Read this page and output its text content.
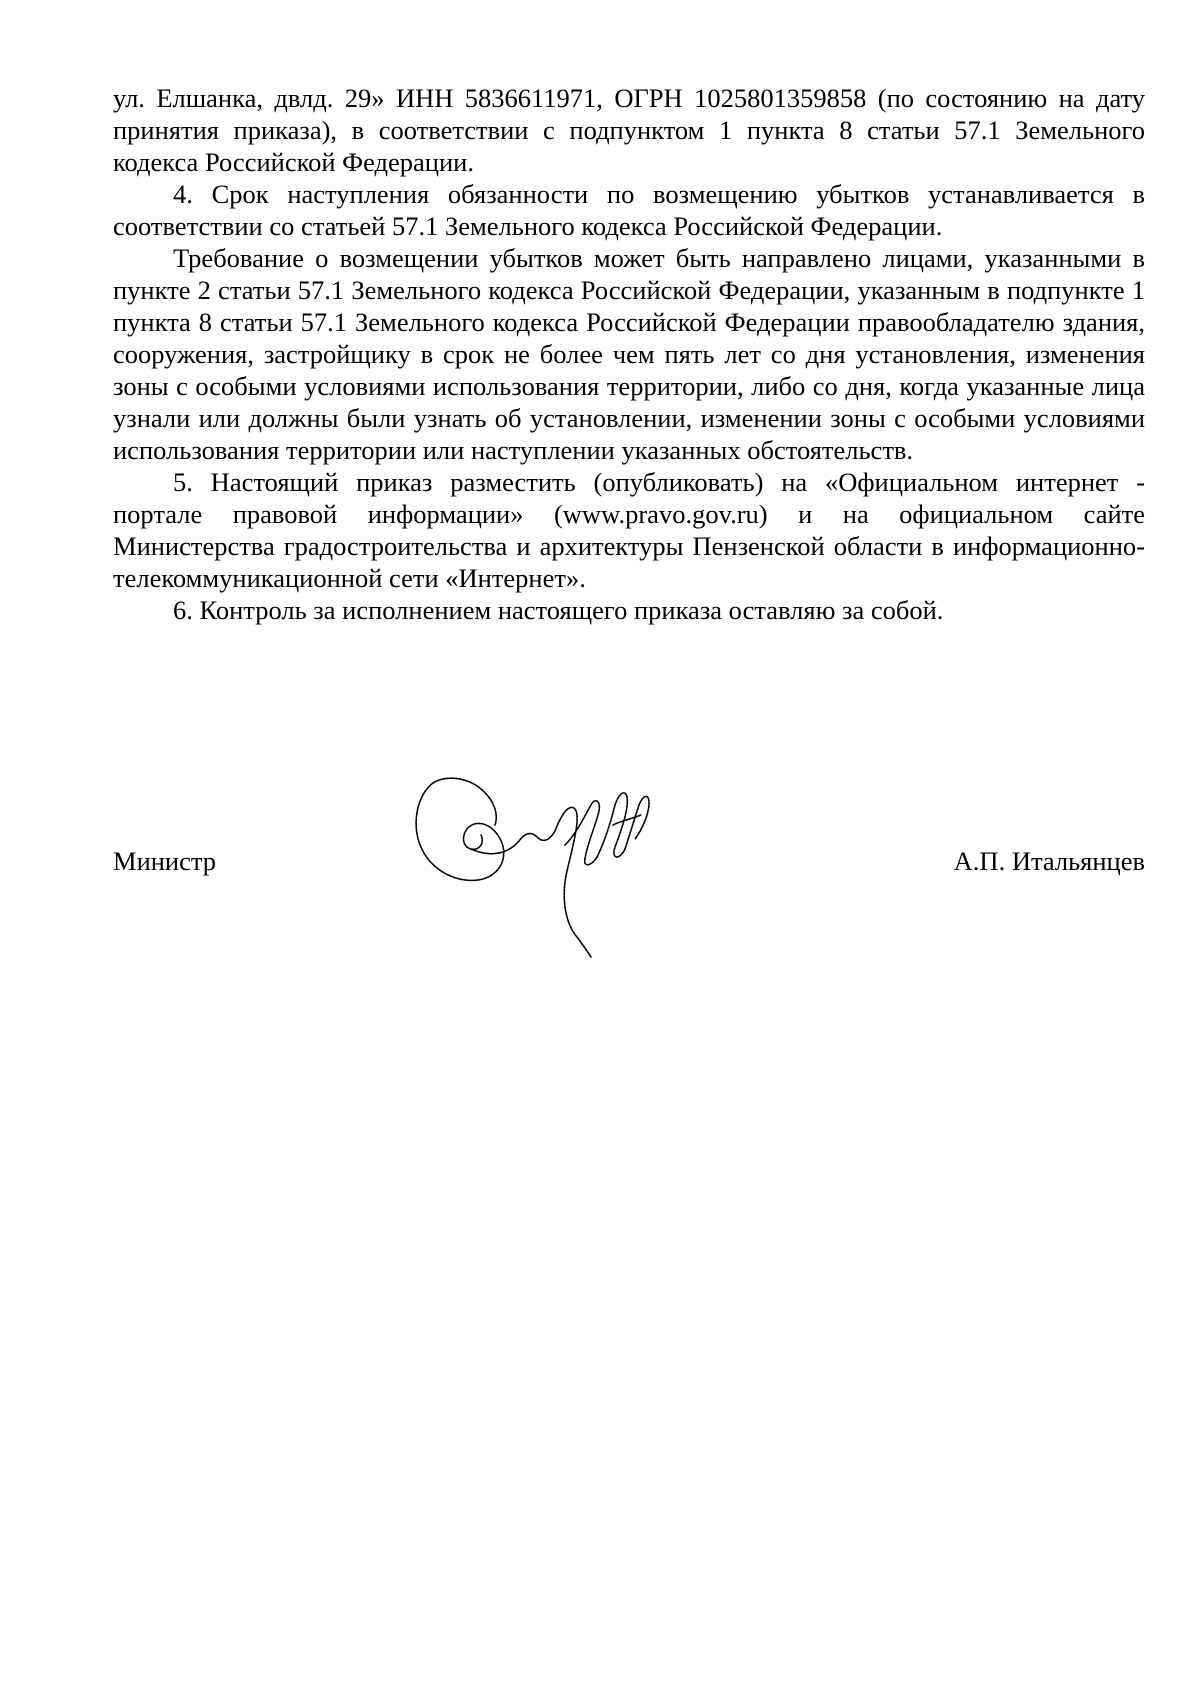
ул. Елшанка, двлд. 29» ИНН 5836611971, ОГРН 1025801359858 (по состоянию на дату принятия приказа), в соответствии с подпунктом 1 пункта 8 статьи 57.1 Земельного кодекса Российской Федерации.

4. Срок наступления обязанности по возмещению убытков устанавливается в соответствии со статьей 57.1 Земельного кодекса Российской Федерации.

Требование о возмещении убытков может быть направлено лицами, указанными в пункте 2 статьи 57.1 Земельного кодекса Российской Федерации, указанным в подпункте 1 пункта 8 статьи 57.1 Земельного кодекса Российской Федерации правообладателю здания, сооружения, застройщику в срок не более чем пять лет со дня установления, изменения зоны с особыми условиями использования территории, либо со дня, когда указанные лица узнали или должны были узнать об установлении, изменении зоны с особыми условиями использования территории или наступлении указанных обстоятельств.

5. Настоящий приказ разместить (опубликовать) на «Официальном интернет - портале правовой информации» (www.pravo.gov.ru) и на официальном сайте Министерства градостроительства и архитектуры Пензенской области в информационно-телекоммуникационной сети «Интернет».

6. Контроль за исполнением настоящего приказа оставляю за собой.

Министр	А.П. Итальянцев
